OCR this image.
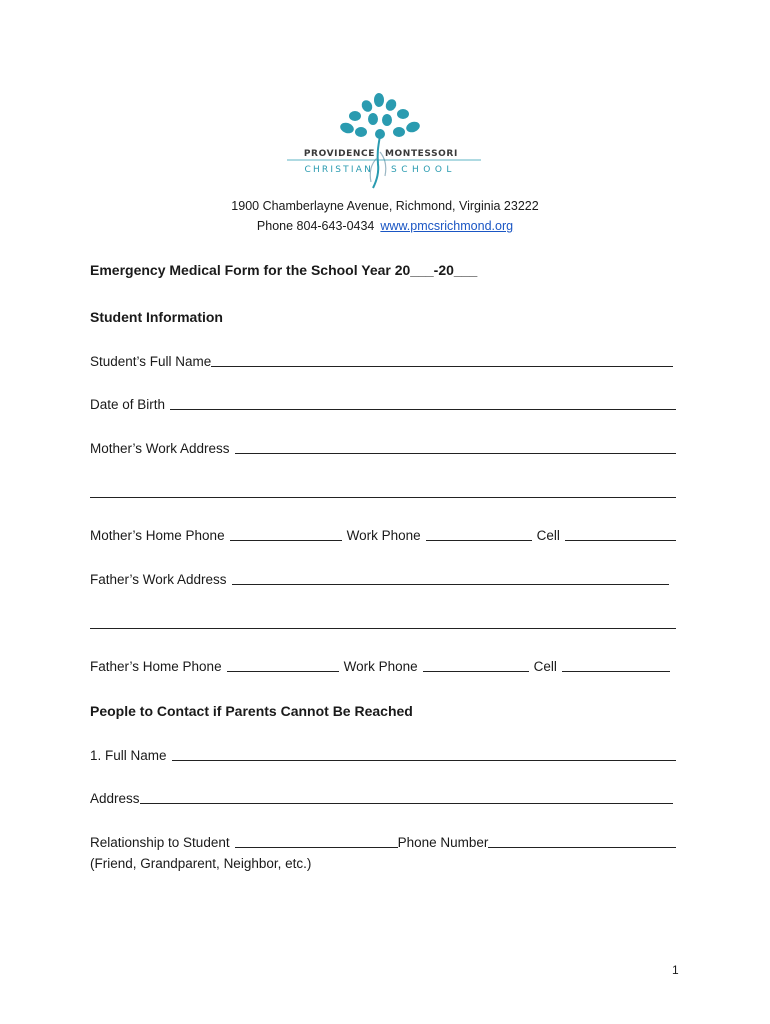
PROVIDENCE MONTESSORI
CHRISTIAN SCHOOL
1900 Chamberlayne Avenue, Richmond, Virginia 23222
Phone 804-643-0434 www.pmcsrichmond.org
Emergency Medical Form for the School Year 20___-20___
Student Information
Student’s Full Name
Date of Birth
Mother’s Work Address
Mother’s Home Phone	Work Phone	Cell
Father’s Work Address
Father’s Home Phone	Work Phone	Cell
People to Contact if Parents Cannot Be Reached
1. Full Name
Address
Relationship to Student	Phone Number
(Friend, Grandparent, Neighbor, etc.)
1
